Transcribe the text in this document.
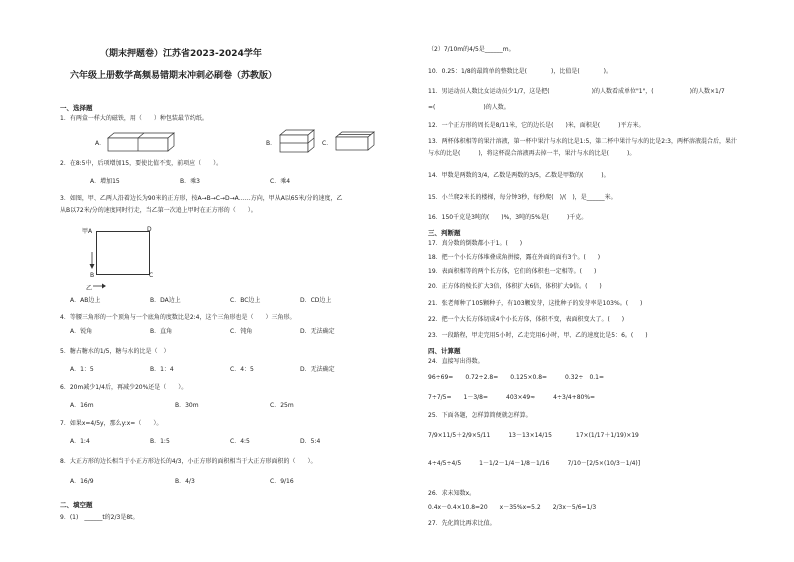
（期末押题卷）江苏省2023-2024学年
六年级上册数学高频易错期末冲刺必刷卷（苏教版）
一、选择题
1．有两盒一样大的磁铁，用（　　）种包装最节约纸。
A．	B．	C．
2．在8:5中，后项增加15，要使比值不变，前项应（　　）。
A．增加15	B．乘3	C．乘4
3．如图，甲、乙两人沿着边长为90米的正方形，按A→B→C→D→A……方向，甲从A以65米/分的速度，乙
从B以72米/分的速度同时行走，当乙第一次追上甲时在正方形的（　　）。
甲A	D
B	C
乙
A．AB边上	B．DA边上	C．BC边上	D．CD边上
4．等腰三角形的一个顶角与一个底角的度数比是2:4，这个三角形也是（　　）三角形。
A．锐角	B．直角	C．钝角	D．无法确定
5．糖占糖水的1/5，糖与水的比是（　）
A．1：5	B．1：4	C．4：5	D．无法确定
6．20m减少1/4后，再减少20%还是（　　）。
A．16m	B．30m	C．25m
7．如果x=4/5y，那么y:x=（　　）。
A．1:4	B．1:5	C．4:5	D．5:4
8．大正方形的边长相当于小正方形边长的4/3，小正方形的面积相当于大正方形面积的（　　）。
A．16/9	B．4/3	C．9/16
二、填空题
9．(1)　______t的2/3是8t。
（2）7/10m的4/5是______m。
10．0.25：1/8的最简单的整数比是(　　　　)，比值是(　　　　)。
11．男运动员人数比女运动员少1/7，这是把(　　　　　　　)的人数看成单位"1"，(　　　　　　)的人数×1/7
=(　　　　　　　　)的人数。
12．一个正方形的周长是8/11米，它的边长是(　　)米，面积是(　　　)平方米。
13．两杯体积相等的果汁溶液，第一杯中果汁与水的比是1:5，第二杯中果汁与水的比是2:3，两杯溶液混合后，果汁
与水的比是(　　　)，将这杯混合溶液再去掉一半，果汁与水的比是(　　　)。
14．甲数是两数的3/4，乙数是两数的3/5，乙数是甲数的(　　　)。
15．小兰爬2米长的楼梯，每分钟3秒，每秒爬(　)/(　)，是______米。
16．150千克是3吨的(　　)%，3吨的5%是(　　　)千克。
三、判断题
17．真分数的倒数都小于1。(　　)
18．把一个小长方体堆叠成角拼接，露在外面的面有3个。(　　)
19．表面积相等的两个长方体，它们的体积也一定相等。(　　)
20．正方体的棱长扩大3倍，体积扩大6倍，体积扩大9倍。(　　)
21．张老师种了105颗种子，有103颗发芽，这批种子的发芽率是103%。(　　)
22．把一个大长方体切成4个小长方体，体积不变，表面积变大了。(　　)
23．一段路程，甲走完用5小时，乙走完用6小时，甲、乙的速度比是5：6。(　　)
四、计算题
24．直接写出得数。
96÷69=　　0.72÷2.8=　　0.125×0.8=　　　0.32÷　0.1=
7÷7/5=　　1－3/8=　　　403×49≈　　　4÷3/4+80%=
25．下面各题，怎样算简便就怎样算。
7/9×11/5＋2/9×5/11　　　13－13×14/15　　　　17×(1/17＋1/19)×19
4÷4/5÷4/5　　　1－1/2－1/4－1/8－1/16　　　7/10－[2/5×(10/3－1/4)]
26．求未知数x。
0.4x－0.4×10.8=20　　x－35%x=5.2　　2/3x－5/6=1/3
27．先化简比再求比值。
